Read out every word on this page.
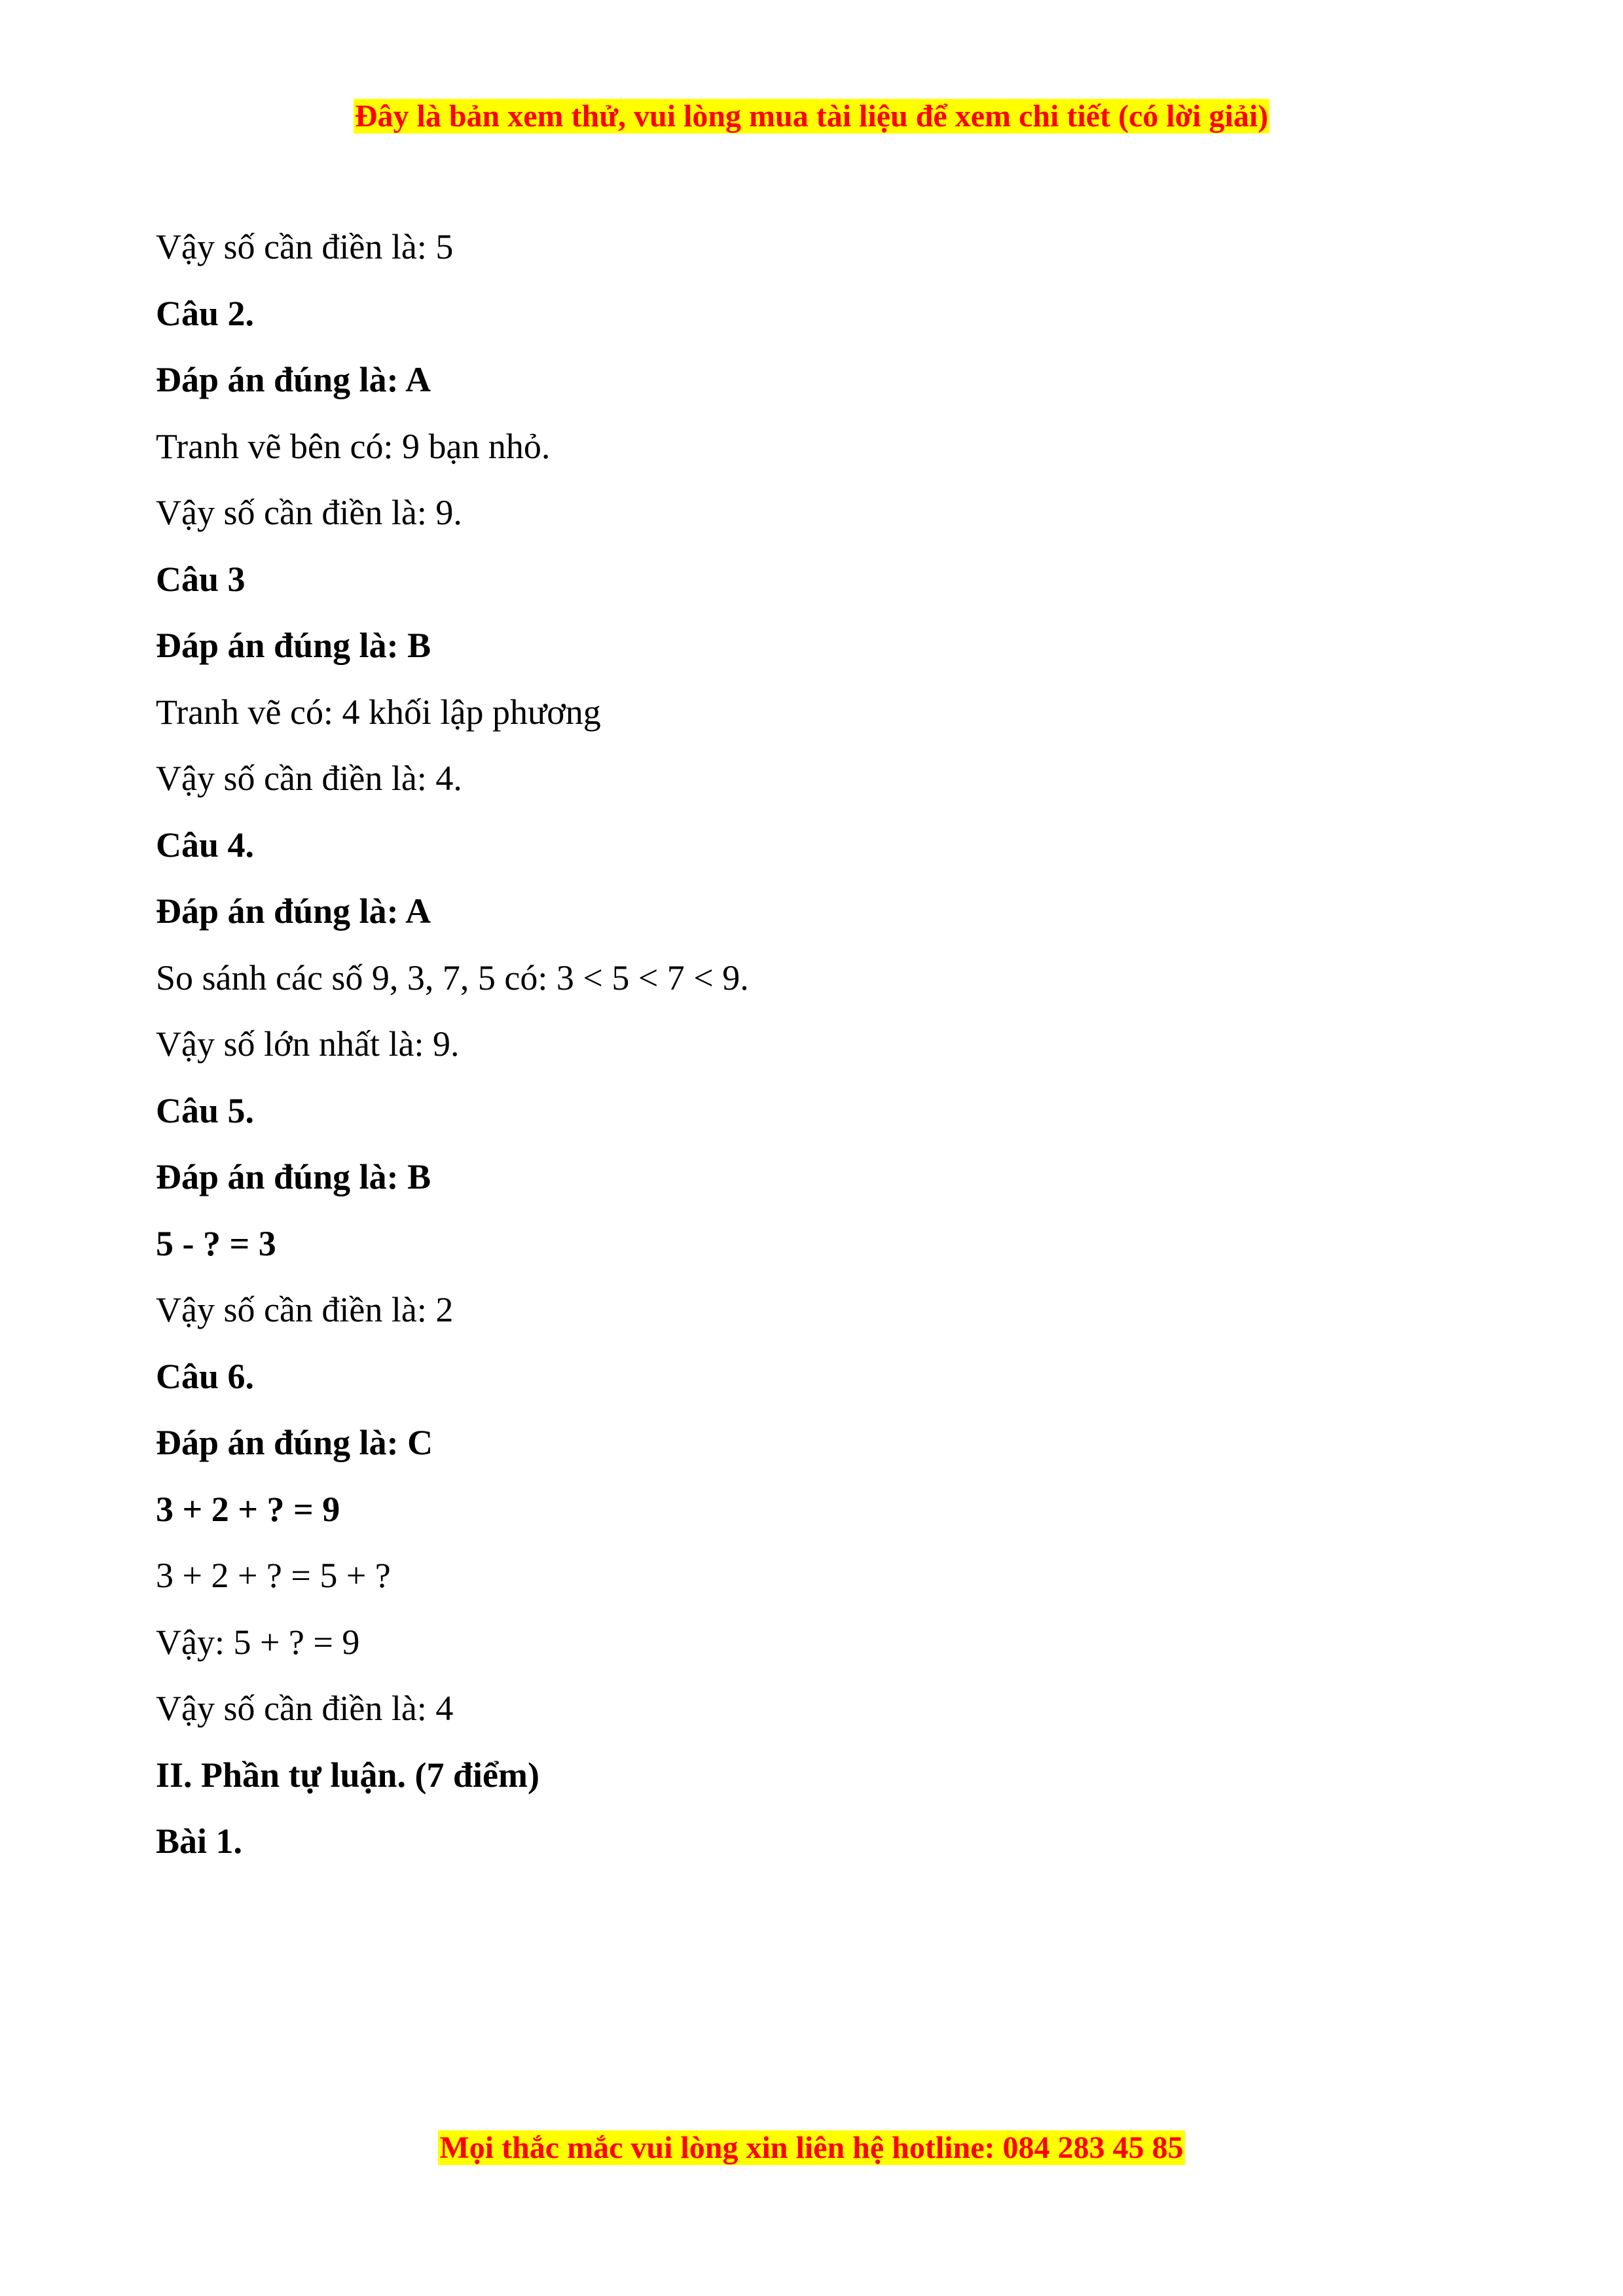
Đây là bản xem thử, vui lòng mua tài liệu để xem chi tiết (có lời giải)
Vậy số cần điền là: 5
Câu 2.
Đáp án đúng là: A
Tranh vẽ bên có: 9 bạn nhỏ.
Vậy số cần điền là: 9.
Câu 3
Đáp án đúng là: B
Tranh vẽ có: 4 khối lập phương
Vậy số cần điền là: 4.
Câu 4.
Đáp án đúng là: A
So sánh các số 9, 3, 7, 5 có: 3 < 5 < 7 < 9.
Vậy số lớn nhất là: 9.
Câu 5.
Đáp án đúng là: B
5 - ? = 3
Vậy số cần điền là: 2
Câu 6.
Đáp án đúng là: C
3 + 2 + ? = 9
3 + 2 + ? = 5 + ?
Vậy: 5 + ? = 9
Vậy số cần điền là: 4
II. Phần tự luận. (7 điểm)
Bài 1.
Mọi thắc mắc vui lòng xin liên hệ hotline: 084 283 45 85
